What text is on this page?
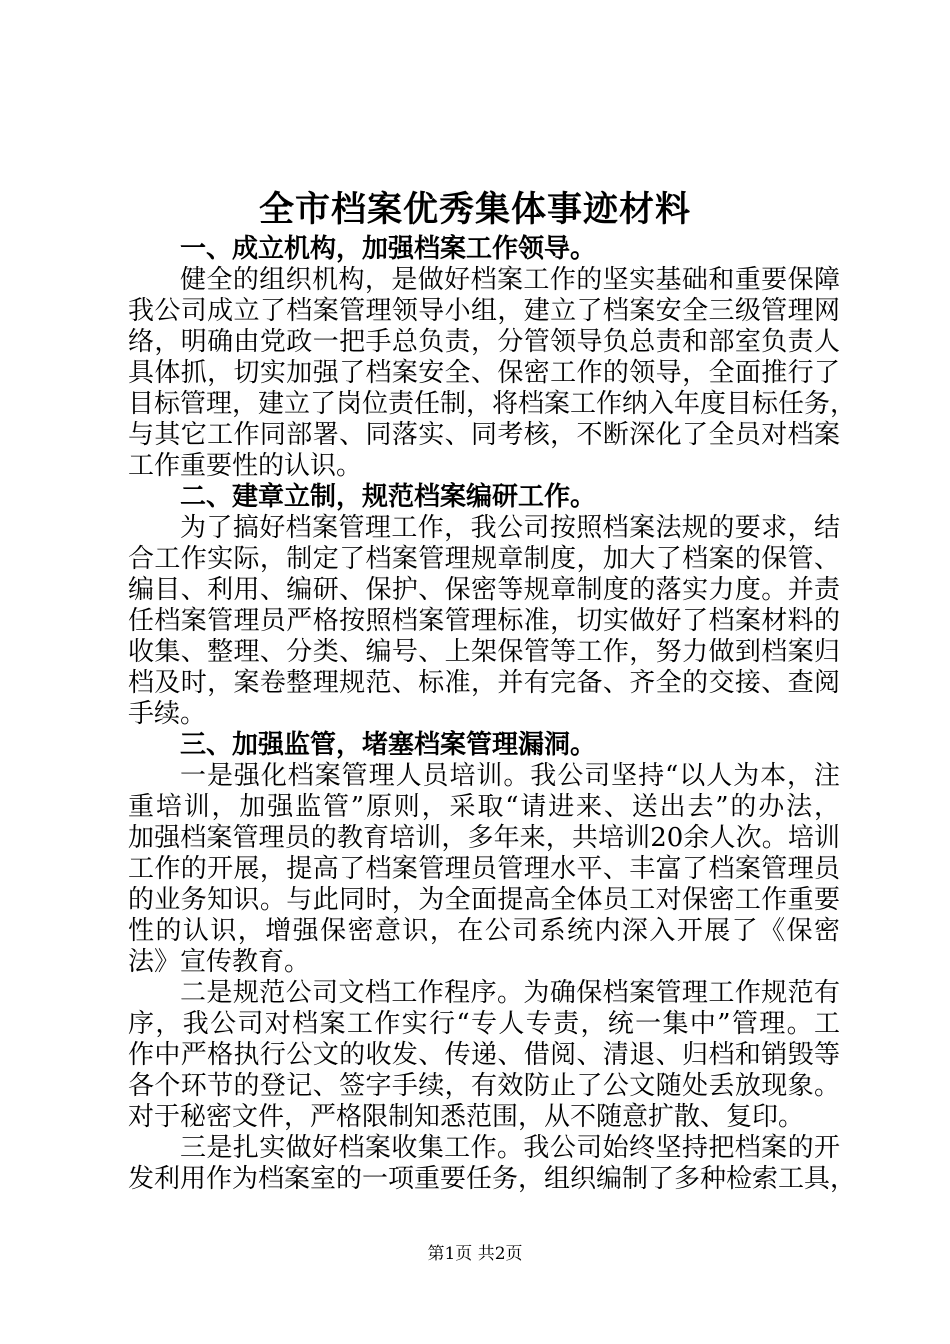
全市档案优秀集体事迹材料
一、成立机构，加强档案工作领导。
健全的组织机构，是做好档案工作的坚实基础和重要保障
我公司成立了档案管理领导小组，建立了档案安全三级管理网
络，明确由党政一把手总负责，分管领导负总责和部室负责人
具体抓，切实加强了档案安全、保密工作的领导，全面推行了
目标管理，建立了岗位责任制，将档案工作纳入年度目标任务，
与其它工作同部署、同落实、同考核，不断深化了全员对档案
工作重要性的认识。
二、建章立制，规范档案编研工作。
为了搞好档案管理工作，我公司按照档案法规的要求，结
合工作实际，制定了档案管理规章制度，加大了档案的保管、
编目、利用、编研、保护、保密等规章制度的落实力度。并责
任档案管理员严格按照档案管理标准，切实做好了档案材料的
收集、整理、分类、编号、上架保管等工作，努力做到档案归
档及时，案卷整理规范、标准，并有完备、齐全的交接、查阅
手续。
三、加强监管，堵塞档案管理漏洞。
一是强化档案管理人员培训。我公司坚持“以人为本，注
重培训，加强监管”原则，采取“请进来、送出去”的办法，
加强档案管理员的教育培训，多年来，共培训20余人次。培训
工作的开展，提高了档案管理员管理水平、丰富了档案管理员
的业务知识。与此同时，为全面提高全体员工对保密工作重要
性的认识，增强保密意识，在公司系统内深入开展了《保密
法》宣传教育。
二是规范公司文档工作程序。为确保档案管理工作规范有
序，我公司对档案工作实行“专人专责，统一集中”管理。工
作中严格执行公文的收发、传递、借阅、清退、归档和销毁等
各个环节的登记、签字手续，有效防止了公文随处丢放现象。
对于秘密文件，严格限制知悉范围，从不随意扩散、复印。
三是扎实做好档案收集工作。我公司始终坚持把档案的开
发利用作为档案室的一项重要任务，组织编制了多种检索工具，
第1页 共2页
